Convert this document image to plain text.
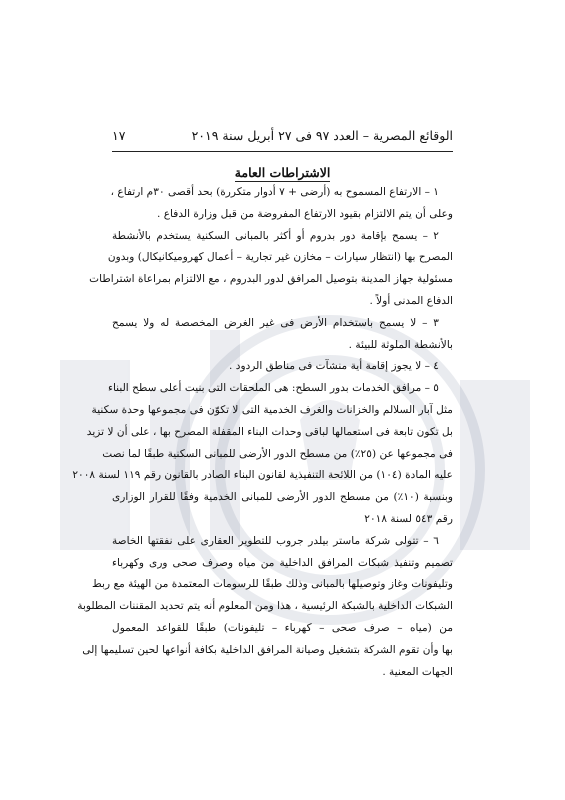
الوقائع المصرية – العدد ٩٧ فى ٢٧ أبريل سنة ٢٠١٩
١٧
الاشتراطات العامة
١ – الارتفاع المسموح به (أرضى + ٧ أدوار متكررة) بحد أقصى ٣٠م ارتفاع ،
وعلى أن يتم الالتزام بقيود الارتفاع المفروضة من قبل وزارة الدفاع .
٢ – يسمح بإقامة دور بدروم أو أكثر بالمبانى السكنية يستخدم بالأنشطة
المصرح بها (انتظار سيارات – مخازن غير تجارية – أعمال كهروميكانيكال) وبدون
مسئولية جهاز المدينة بتوصيل المرافق لدور البدروم ، مع الالتزام بمراعاة اشتراطات
الدفاع المدنى أولاً .
٣ – لا يسمح باستخدام الأرض فى غير الغرض المخصصة له ولا يسمح
بالأنشطة الملوثة للبيئة .
٤ – لا يجوز إقامة أية منشآت فى مناطق الردود .
٥ – مرافق الخدمات بدور السطح: هى الملحقات التى بنيت أعلى سطح البناء
مثل آبار السلالم والخزانات والغرف الخدمية التى لا تكوّن فى مجموعها وحدة سكنية
بل تكون تابعة فى استعمالها لباقى وحدات البناء المقفلة المصرح بها ، على أن لا تزيد
فى مجموعها عن (٢٥٪) من مسطح الدور الأرضى للمبانى السكنية طبقًا لما نصت
عليه المادة (١٠٤) من اللائحة التنفيذية لقانون البناء الصادر بالقانون رقم ١١٩ لسنة ٢٠٠٨
وبنسبة (١٠٪) من مسطح الدور الأرضى للمبانى الخدمية وفقًا للقرار الوزارى
رقم ٥٤٣ لسنة ٢٠١٨
٦ – تتولى شركة ماستر بيلدر جروب للتطوير العقارى على نفقتها الخاصة
تصميم وتنفيذ شبكات المرافق الداخلية من مياه وصرف صحى ورى وكهرباء
وتليفونات وغاز وتوصيلها بالمبانى وذلك طبقًا للرسومات المعتمدة من الهيئة مع ربط
الشبكات الداخلية بالشبكة الرئيسية ، هذا ومن المعلوم أنه يتم تحديد المقننات المطلوبة
من (مياه – صرف صحى – كهرباء – تليفونات) طبقًا للقواعد المعمول
بها وأن تقوم الشركة بتشغيل وصيانة المرافق الداخلية بكافة أنواعها لحين تسليمها إلى
الجهات المعنية .
